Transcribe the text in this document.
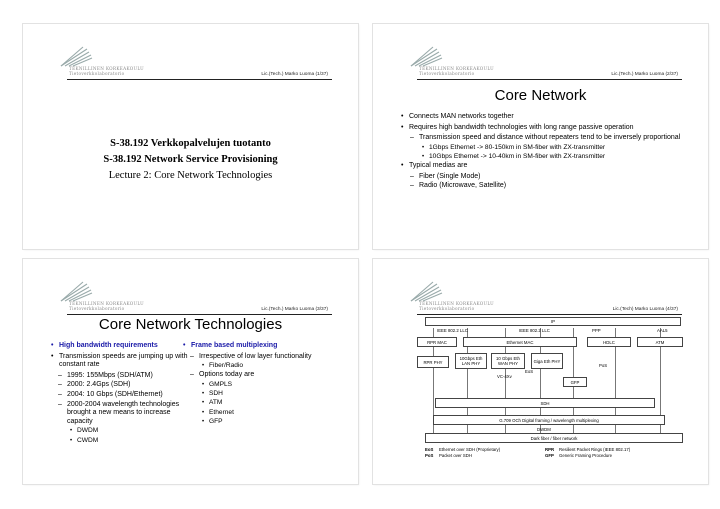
TEKNILLINEN KORKEAKOULU
Tietoverkkolaboratorio	Lic.(Tech.) Marko Luoma (1/37)
S-38.192 Verkkopalvelujen tuotanto
S-38.192 Network Service Provisioning
Lecture 2: Core Network Technologies
TEKNILLINEN KORKEAKOULU
Tietoverkkolaboratorio	Lic.(Tech.) Marko Luoma (2/37)
Core Network
• Connects MAN networks together
• Requires high bandwidth technologies with long range passive operation
– Transmission speed and distance without repeaters tend to be inversely proportional
• 1Gbps Ethernet -> 80-150km in SM-fiber with ZX-transmitter
• 10Gbps Ethernet -> 10-40km in SM-fiber with ZX-transmitter
• Typical medias are
– Fiber (Single Mode)
– Radio (Microwave, Satellite)
TEKNILLINEN KORKEAKOULU
Tietoverkkolaboratorio	Lic.(Tech.) Marko Luoma (3/37)
Core Network Technologies
• High bandwidth requirements
• Transmission speeds are jumping up with constant rate
– 1995: 155Mbps (SDH/ATM)
– 2000: 2.4Gps (SDH)
– 2004: 10 Gbps (SDH/Ethernet)
– 2000-2004 wavelength technologies brought a new means to increase capacity
• DWDM
• CWDM
• Frame based multiplexing
– Irrespective of low layer functionality
• Fiber/Radio
– Options today are
• GMPLS
• SDH
• ATM
• Ethernet
• GFP
TEKNILLINEN KORKEAKOULU
Tietoverkkolaboratorio	Lic.(Tech) Marko Luoma (4/37)
IP
IEEE 802.2 LLC	IEEE 802.2 LLC	PPP	AAL5
RPR MAC	Ethernet MAC	HDLC	ATM
RPR PHY
10Gbps Eth LAN PHY
10 Gbps Eth WAN PHY	Giga Eth PHY
EoS
VC-4Xv
PoS
GFP
SDH
G.709 OCh Digital framing / wavelength multiplexing
DWDM
Dark fiber / fiber network
EoS Ethernet over SDH (Proprietary)
PoS Packet over SDH
RPR Resilient Packet Rings (IEEE 802.17)
GFP Generic Framing Procedure
